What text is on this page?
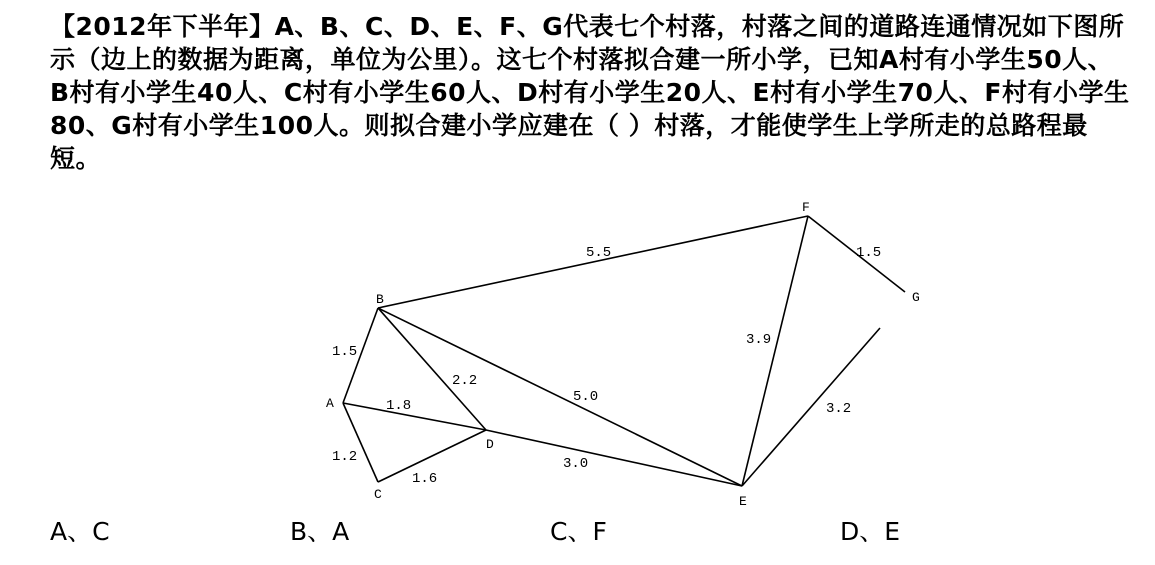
【2012年下半年】A、B、C、D、E、F、G代表七个村落，村落之间的道路连通情况如下图所示（边上的数据为距离，单位为公里）。这七个村落拟合建一所小学，已知A村有小学生50人、B村有小学生40人、C村有小学生60人、D村有小学生20人、E村有小学生70人、F村有小学生80、G村有小学生100人。则拟合建小学应建在（ ）村落，才能使学生上学所走的总路程最短。

A
B
C
D
E
F
G
5.5	1.5
1.5
2.2
5.0
3.9
3.2
1.8
1.2
1.6
3.0
A、C	B、A	C、F	D、E
